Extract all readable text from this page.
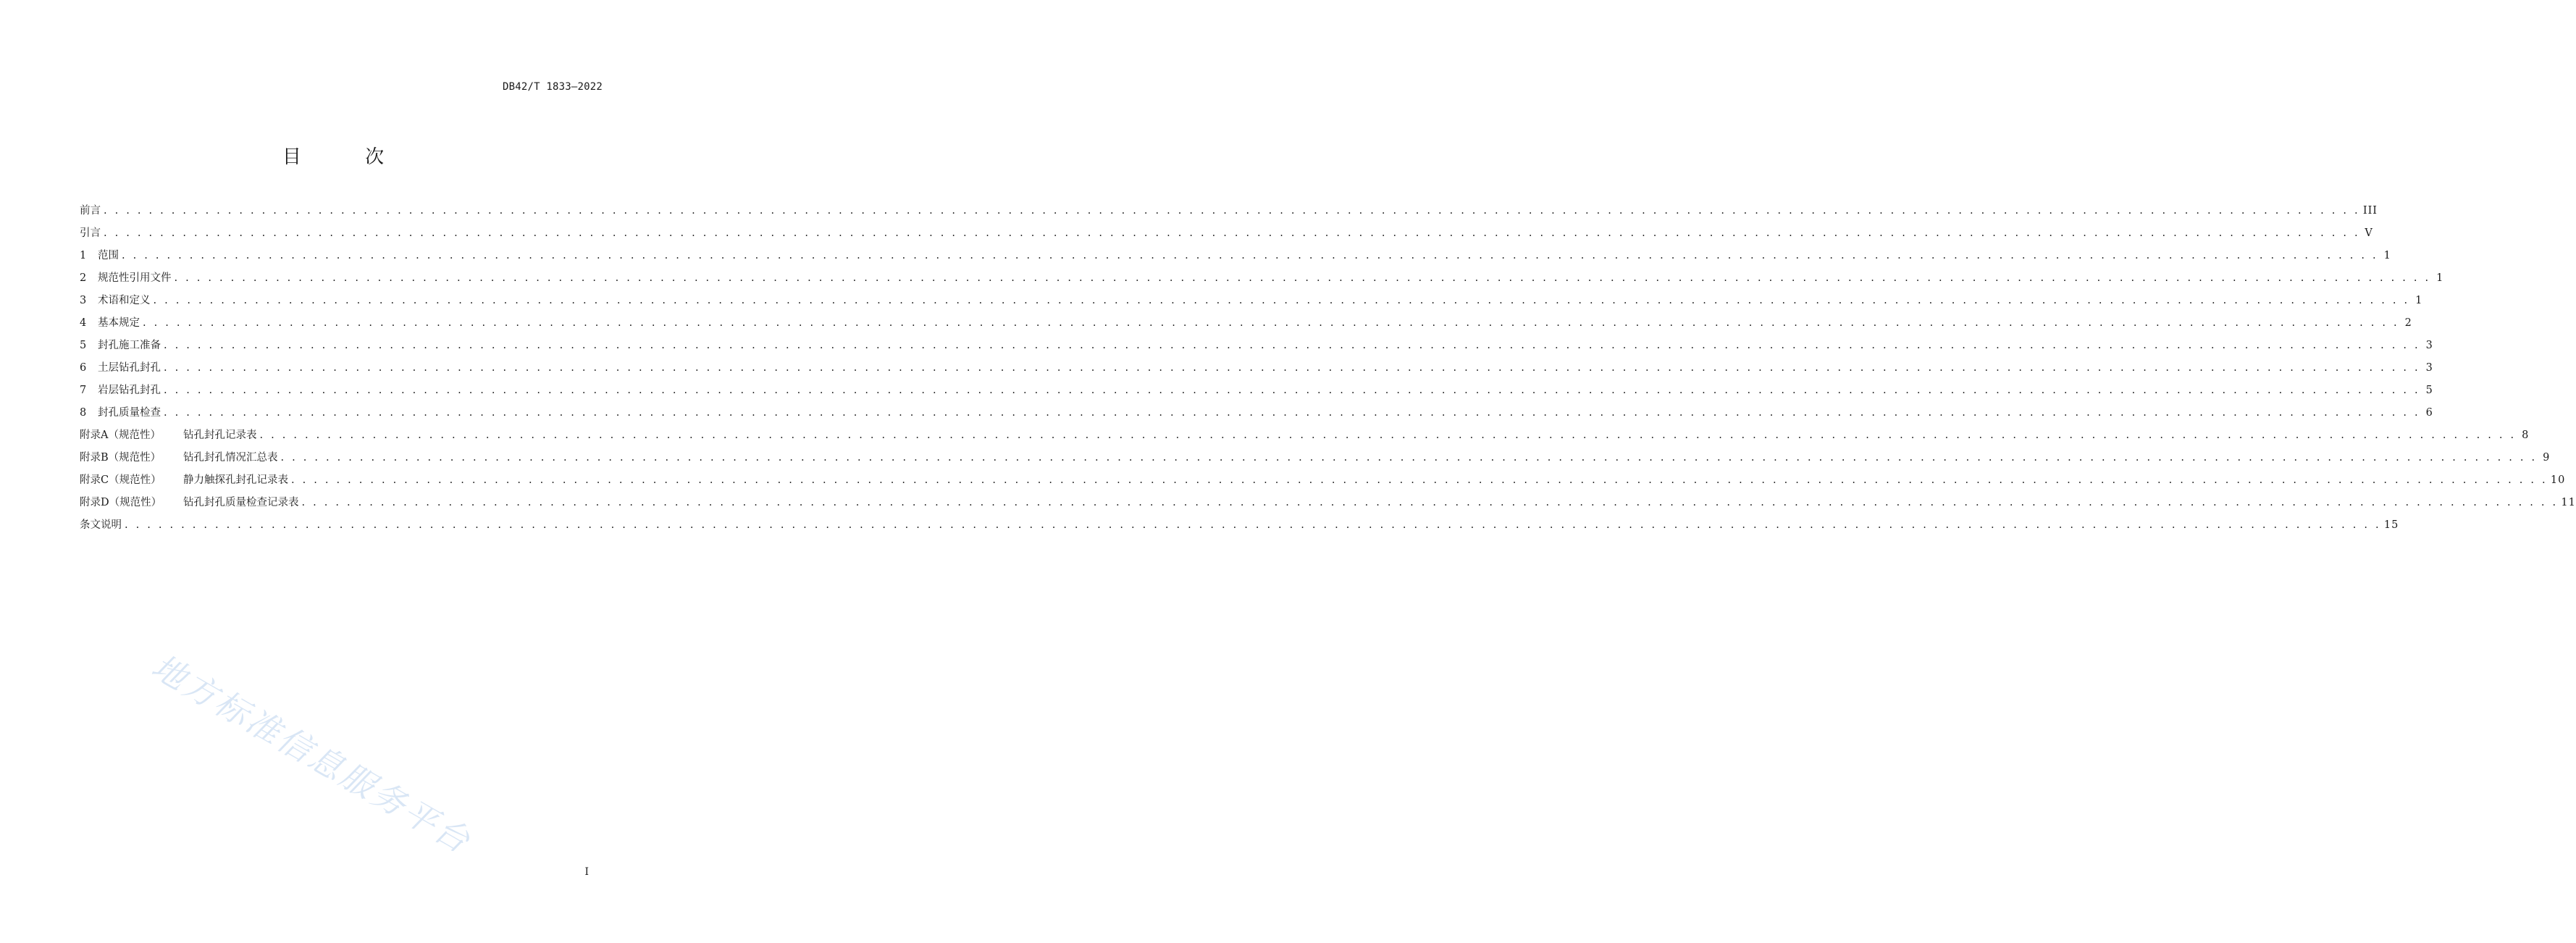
DB42/T 1833—2022
目 次
前言 . . . . . . . . . . . . . . . . . . . . . . . . . . . . . . . . . . . . . . . . . . . . . . . . . . . . . . . . . . . . . . . . . . . . . . . . . . . . . . . . . . . . . . . . . . . . . . . . . . . . . . . . . . . . . . . . . . . . . . . . . . . . . . . . . . . . . . . . . . . . . . . . . . . . . . . . . . . . . . . . . . . . . . . . . . . . . . . . . . . . . . . . . . . . . . . . . . . . . . . . III
引言 . . . . . . . . . . . . . . . . . . . . . . . . . . . . . . . . . . . . . . . . . . . . . . . . . . . . . . . . . . . . . . . . . . . . . . . . . . . . . . . . . . . . . . . . . . . . . . . . . . . . . . . . . . . . . . . . . . . . . . . . . . . . . . . . . . . . . . . . . . . . . . . . . . . . . . . . . . . . . . . . . . . . . . . . . . . . . . . . . . . . . . . . . . . . . . . . . . . . . . . . V
1	范围 . . . . . . . . . . . . . . . . . . . . . . . . . . . . . . . . . . . . . . . . . . . . . . . . . . . . . . . . . . . . . . . . . . . . . . . . . . . . . . . . . . . . . . . . . . . . . . . . . . . . . . . . . . . . . . . . . . . . . . . . . . . . . . . . . . . . . . . . . . . . . . . . . . . . . . . . . . . . . . . . . . . . . . . . . . . . . . . . . . . . . . . . . . . . . . . . . . . . . . . . 1
2	规范性引用文件 . . . . . . . . . . . . . . . . . . . . . . . . . . . . . . . . . . . . . . . . . . . . . . . . . . . . . . . . . . . . . . . . . . . . . . . . . . . . . . . . . . . . . . . . . . . . . . . . . . . . . . . . . . . . . . . . . . . . . . . . . . . . . . . . . . . . . . . . . . . . . . . . . . . . . . . . . . . . . . . . . . . . . . . . . . . . . . . . . . . . . . . . . . . . . . . . . . . . . . . . 1
3	术语和定义 . . . . . . . . . . . . . . . . . . . . . . . . . . . . . . . . . . . . . . . . . . . . . . . . . . . . . . . . . . . . . . . . . . . . . . . . . . . . . . . . . . . . . . . . . . . . . . . . . . . . . . . . . . . . . . . . . . . . . . . . . . . . . . . . . . . . . . . . . . . . . . . . . . . . . . . . . . . . . . . . . . . . . . . . . . . . . . . . . . . . . . . . . . . . . . . . . . . . . . . . 1
4	基本规定 . . . . . . . . . . . . . . . . . . . . . . . . . . . . . . . . . . . . . . . . . . . . . . . . . . . . . . . . . . . . . . . . . . . . . . . . . . . . . . . . . . . . . . . . . . . . . . . . . . . . . . . . . . . . . . . . . . . . . . . . . . . . . . . . . . . . . . . . . . . . . . . . . . . . . . . . . . . . . . . . . . . . . . . . . . . . . . . . . . . . . . . . . . . . . . . . . . . . . . . . 2
5	封孔施工准备 . . . . . . . . . . . . . . . . . . . . . . . . . . . . . . . . . . . . . . . . . . . . . . . . . . . . . . . . . . . . . . . . . . . . . . . . . . . . . . . . . . . . . . . . . . . . . . . . . . . . . . . . . . . . . . . . . . . . . . . . . . . . . . . . . . . . . . . . . . . . . . . . . . . . . . . . . . . . . . . . . . . . . . . . . . . . . . . . . . . . . . . . . . . . . . . . . . . . . . . . 3
6	土层钻孔封孔 . . . . . . . . . . . . . . . . . . . . . . . . . . . . . . . . . . . . . . . . . . . . . . . . . . . . . . . . . . . . . . . . . . . . . . . . . . . . . . . . . . . . . . . . . . . . . . . . . . . . . . . . . . . . . . . . . . . . . . . . . . . . . . . . . . . . . . . . . . . . . . . . . . . . . . . . . . . . . . . . . . . . . . . . . . . . . . . . . . . . . . . . . . . . . . . . . . . . . . . . 3
7	岩层钻孔封孔 . . . . . . . . . . . . . . . . . . . . . . . . . . . . . . . . . . . . . . . . . . . . . . . . . . . . . . . . . . . . . . . . . . . . . . . . . . . . . . . . . . . . . . . . . . . . . . . . . . . . . . . . . . . . . . . . . . . . . . . . . . . . . . . . . . . . . . . . . . . . . . . . . . . . . . . . . . . . . . . . . . . . . . . . . . . . . . . . . . . . . . . . . . . . . . . . . . . . . . . . 5
8	封孔质量检查 . . . . . . . . . . . . . . . . . . . . . . . . . . . . . . . . . . . . . . . . . . . . . . . . . . . . . . . . . . . . . . . . . . . . . . . . . . . . . . . . . . . . . . . . . . . . . . . . . . . . . . . . . . . . . . . . . . . . . . . . . . . . . . . . . . . . . . . . . . . . . . . . . . . . . . . . . . . . . . . . . . . . . . . . . . . . . . . . . . . . . . . . . . . . . . . . . . . . . . . . 6
附录A（规范性）	钻孔封孔记录表 . . . . . . . . . . . . . . . . . . . . . . . . . . . . . . . . . . . . . . . . . . . . . . . . . . . . . . . . . . . . . . . . . . . . . . . . . . . . . . . . . . . . . . . . . . . . . . . . . . . . . . . . . . . . . . . . . . . . . . . . . . . . . . . . . . . . . . . . . . . . . . . . . . . . . . . . . . . . . . . . . . . . . . . . . . . . . . . . . . . . . . . . . . . . . . . . . . . . . . . . 8
附录B（规范性）	钻孔封孔情况汇总表 . . . . . . . . . . . . . . . . . . . . . . . . . . . . . . . . . . . . . . . . . . . . . . . . . . . . . . . . . . . . . . . . . . . . . . . . . . . . . . . . . . . . . . . . . . . . . . . . . . . . . . . . . . . . . . . . . . . . . . . . . . . . . . . . . . . . . . . . . . . . . . . . . . . . . . . . . . . . . . . . . . . . . . . . . . . . . . . . . . . . . . . . . . . . . . . . . . . . . . . . 9
附录C（规范性）	静力触探孔封孔记录表 . . . . . . . . . . . . . . . . . . . . . . . . . . . . . . . . . . . . . . . . . . . . . . . . . . . . . . . . . . . . . . . . . . . . . . . . . . . . . . . . . . . . . . . . . . . . . . . . . . . . . . . . . . . . . . . . . . . . . . . . . . . . . . . . . . . . . . . . . . . . . . . . . . . . . . . . . . . . . . . . . . . . . . . . . . . . . . . . . . . . . . . . . . . . . . . . . . . . . . . . 10
附录D（规范性）	钻孔封孔质量检查记录表 . . . . . . . . . . . . . . . . . . . . . . . . . . . . . . . . . . . . . . . . . . . . . . . . . . . . . . . . . . . . . . . . . . . . . . . . . . . . . . . . . . . . . . . . . . . . . . . . . . . . . . . . . . . . . . . . . . . . . . . . . . . . . . . . . . . . . . . . . . . . . . . . . . . . . . . . . . . . . . . . . . . . . . . . . . . . . . . . . . . . . . . . . . . . . . . . . . . . . . . . 11
条文说明 . . . . . . . . . . . . . . . . . . . . . . . . . . . . . . . . . . . . . . . . . . . . . . . . . . . . . . . . . . . . . . . . . . . . . . . . . . . . . . . . . . . . . . . . . . . . . . . . . . . . . . . . . . . . . . . . . . . . . . . . . . . . . . . . . . . . . . . . . . . . . . . . . . . . . . . . . . . . . . . . . . . . . . . . . . . . . . . . . . . . . . . . . . . . . . . . . . . . . . . . 15
地方标准信息服务平台
I
